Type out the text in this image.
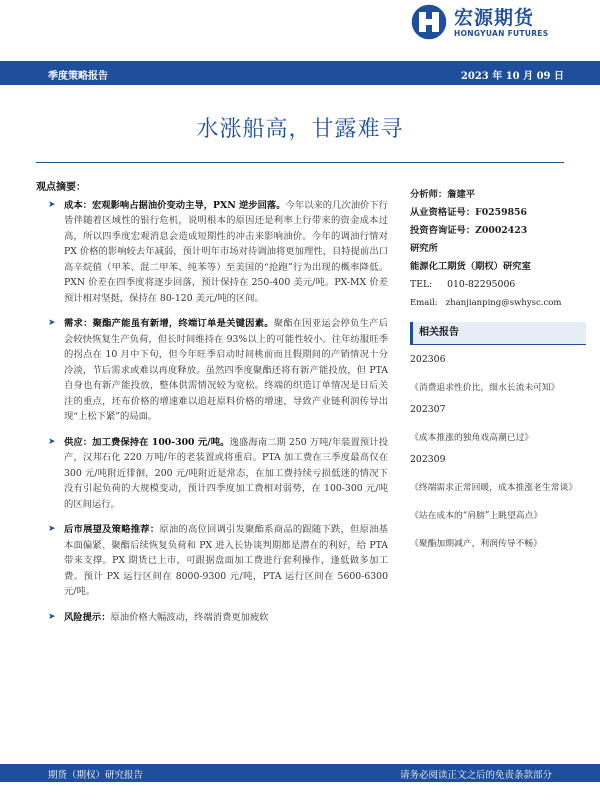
宏源期货
HONGYUAN FUTURES
季度策略报告	2023 年 10 月 09 日
水涨船高，甘露难寻
观点摘要：
➤ 成本：宏观影响占据油价变动主导，PXN 逆步回落。今年以来的几次油价下行皆伴随着区域性的银行危机，说明根本的原因还是利率上行带来的资金成本过高，所以四季度宏观消息会造成短期性的冲击来影响油价。今年的调油行情对 PX 价格的影响较去年减弱，预计明年市场对待调油将更加理性，目特提前出口高辛烷值（甲苯、混二甲苯、纯苯等）至美国的“抢跑”行为出现的概率降低。PXN 价差在四季度将逐步回落，预计保持在 250-400 美元/吨。PX-MX 价差预计相对坚挺，保持在 80-120 美元/吨的区间。
➤ 需求：聚酯产能虽有新增，终端订单是关键因素。聚酯在因亚运会停负生产后会较快恢复生产负荷，但长时间维持在 93%以上的可能性较小。往年纺服旺季的拐点在 10 月中下旬，但今年旺季启动时间桃前而且假期间的产销情况十分冷淡，节后需求或难以再度释放。虽然四季度聚酯还将有新产能投放，但 PTA 自身也有新产能投放，整体供需情况较为宽松。终端的织造订单情况是日后关注的重点，坯布价格的增速难以追赶原料价格的增速，导致产业链利润传导出现“上松下紧”的局面。
➤ 供应：加工费保持在 100-300 元/吨。逸盛海南二期 250 万吨/年装置预计投产，汉邦石化 220 万吨/年的老装置或将重启。PTA 加工费在三季度最高仅在 300 元/吨附近徘徊，200 元/吨附近是常态，在加工费持续亏损低迷的情况下没有引起负荷的大规模变动，预计四季度加工费相对弱势，在 100-300 元/吨的区间运行。
➤ 后市展望及策略推荐：原油的高位回调引发聚酯系商品的跟随下跌，但原油基本面偏紧、聚酯后续恢复负荷和 PX 进入长协谈判期都是潜在的利好，给 PTA 带来支撑。PX 期货已上市，可跟据盘面加工费进行套利操作，逢低做多加工费。预计 PX 运行区间在 8000-9300 元/吨，PTA 运行区间在 5600-6300 元/吨。
➤ 风险提示：原油价格大幅波动，终端消费更加疲软
分析师：詹建平
从业资格证号：F0259856
投资咨询证号：Z0002423
研究所
能源化工期货（期权）研究室
TEL: 010-82295006
Email: zhanjianping@swhysc.com
相关报告
202306
《消费追求性价比，细水长流未可知》
202307
《成本推涨的独角戏高潮已过》
202309
《终端需求正常回暖，成本推涨老生常谈》
《站在成本的“肩膀”上眺望高点》
《聚酯加期减产，利润传导不畅》
期货（期权）研究报告	请务必阅读正文之后的免责条款部分
